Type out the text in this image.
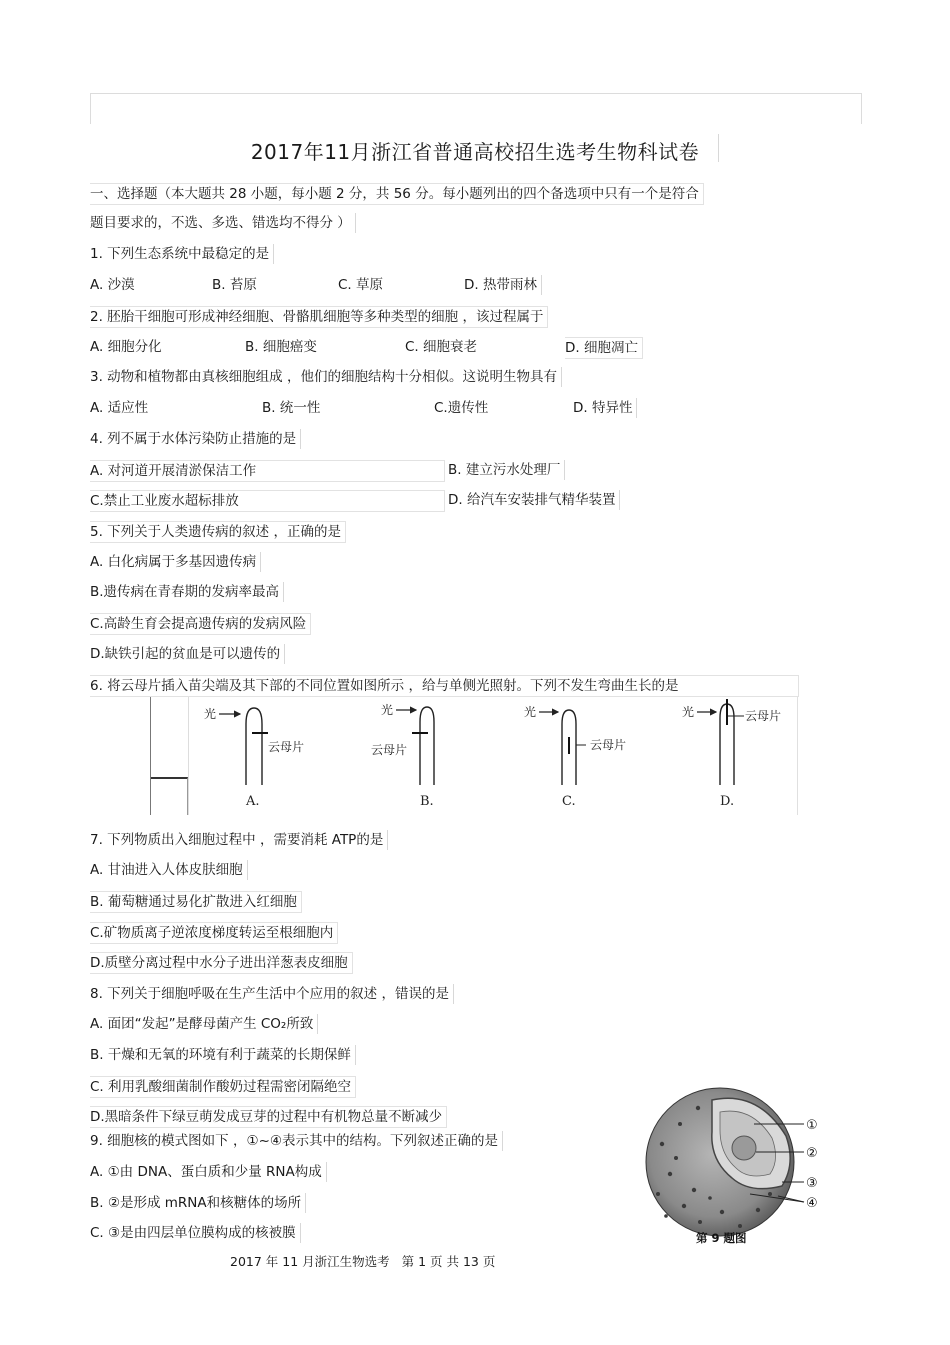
2017年11月浙江省普通高校招生选考生物科试卷
一、选择题（本大题共 28 小题，每小题 2 分，共 56 分。每小题列出的四个备选项中只有一个是符合
题目要求的，不选、多选、错选均不得分 ）
1. 下列生态系统中最稳定的是
A. 沙漠	B. 苔原	C. 草原	D. 热带雨林
2. 胚胎干细胞可形成神经细胞、骨骼肌细胞等多种类型的细胞 ，该过程属于
A. 细胞分化	B. 细胞癌变	C. 细胞衰老	D. 细胞凋亡
3. 动物和植物都由真核细胞组成 ，他们的细胞结构十分相似。这说明生物具有
A. 适应性	B. 统一性	C.遗传性	D. 特异性
4. 列不属于水体污染防止措施的是
A. 对河道开展清淤保洁工作	B. 建立污水处理厂
C.禁止工业废水超标排放	D. 给汽车安装排气精华装置
5. 下列关于人类遗传病的叙述 ，正确的是
A. 白化病属于多基因遗传病
B.遗传病在青春期的发病率最高
C.高龄生育会提高遗传病的发病风险
D.缺铁引起的贫血是可以遗传的
6. 将云母片插入苗尖端及其下部的不同位置如图所示 ，给与单侧光照射。下列不发生弯曲生长的是
光
云母片
A.
光
云母片
B.
光
云母片
C.
光	云母片
D.
7. 下列物质出入细胞过程中 ，需要消耗 ATP的是
A. 甘油进入人体皮肤细胞
B. 葡萄糖通过易化扩散进入红细胞
C.矿物质离子逆浓度梯度转运至根细胞内
D.质壁分离过程中水分子进出洋葱表皮细胞
8. 下列关于细胞呼吸在生产生活中个应用的叙述 ，错误的是
A. 面团“发起”是酵母菌产生 CO₂所致
B. 干燥和无氧的环境有利于蔬菜的长期保鲜
C. 利用乳酸细菌制作酸奶过程需密闭隔绝空
D.黑暗条件下绿豆萌发成豆芽的过程中有机物总量不断减少
9. 细胞核的模式图如下 ，①~④表示其中的结构。下列叙述正确的是
A. ①由 DNA、蛋白质和少量 RNA构成
B. ②是形成 mRNA和核糖体的场所
C. ③是由四层单位膜构成的核被膜
①
②
③
④
第 9 题图
2017 年 11 月浙江生物选考 第 1 页 共 13 页
